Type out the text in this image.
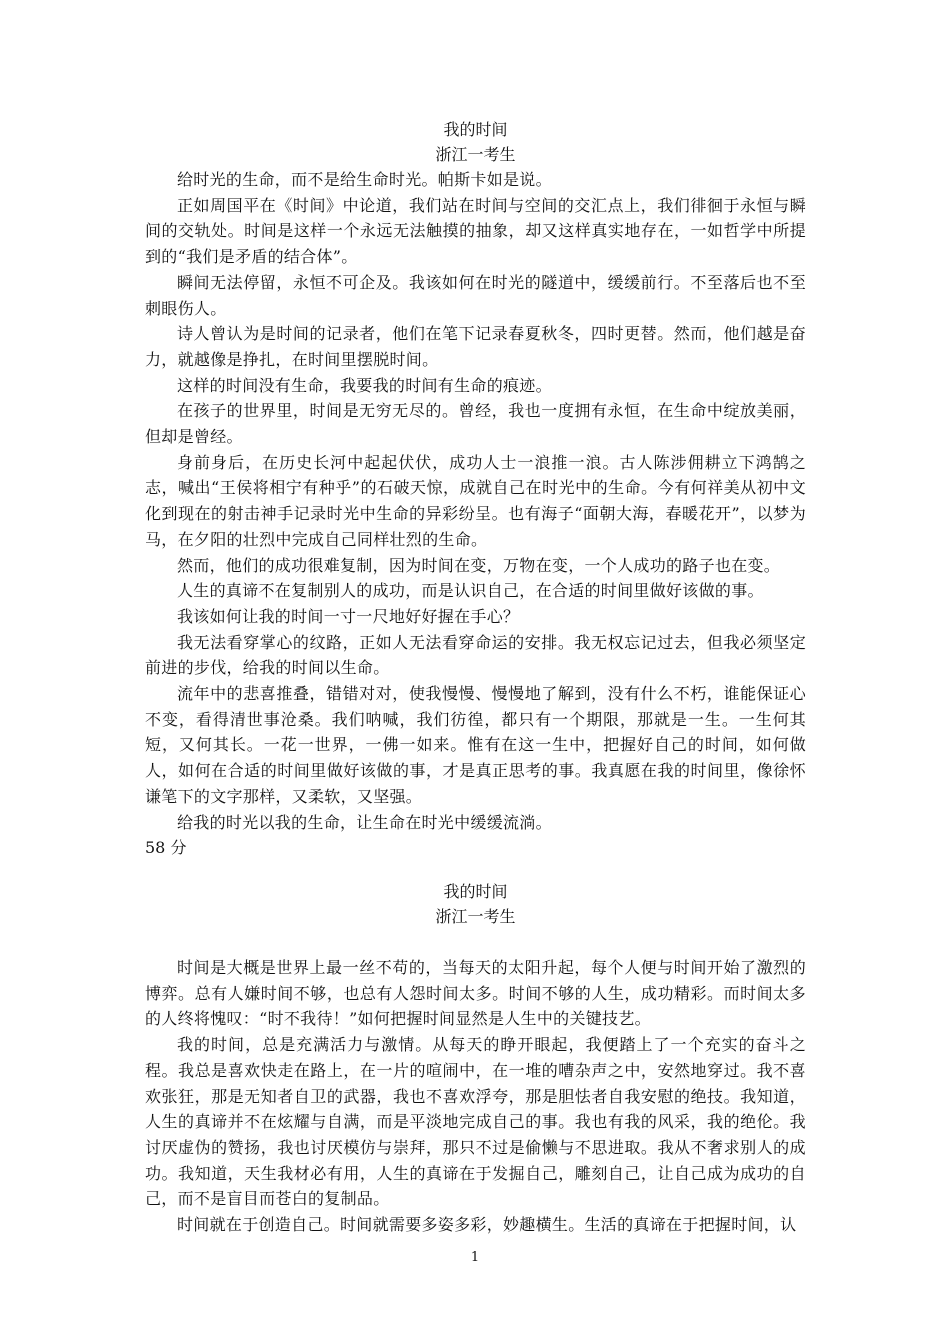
我的时间

浙江一考生

给时光的生命，而不是给生命时光。帕斯卡如是说。

正如周国平在《时间》中论道，我们站在时间与空间的交汇点上，我们徘徊于永恒与瞬间的交轨处。时间是这样一个永远无法触摸的抽象，却又这样真实地存在，一如哲学中所提到的“我们是矛盾的结合体”。

瞬间无法停留，永恒不可企及。我该如何在时光的隧道中，缓缓前行。不至落后也不至刺眼伤人。

诗人曾认为是时间的记录者，他们在笔下记录春夏秋冬，四时更替。然而，他们越是奋力，就越像是挣扎，在时间里摆脱时间。

这样的时间没有生命，我要我的时间有生命的痕迹。

在孩子的世界里，时间是无穷无尽的。曾经，我也一度拥有永恒，在生命中绽放美丽，但却是曾经。

身前身后，在历史长河中起起伏伏，成功人士一浪推一浪。古人陈涉佣耕立下鸿鹄之志，喊出“王侯将相宁有种乎”的石破天惊，成就自己在时光中的生命。今有何祥美从初中文化到现在的射击神手记录时光中生命的异彩纷呈。也有海子“面朝大海，春暖花开”，以梦为马，在夕阳的壮烈中完成自己同样壮烈的生命。

然而，他们的成功很难复制，因为时间在变，万物在变，一个人成功的路子也在变。

人生的真谛不在复制别人的成功，而是认识自己，在合适的时间里做好该做的事。

我该如何让我的时间一寸一尺地好好握在手心？

我无法看穿掌心的纹路，正如人无法看穿命运的安排。我无权忘记过去，但我必须坚定前进的步伐，给我的时间以生命。

流年中的悲喜推叠，错错对对，使我慢慢、慢慢地了解到，没有什么不朽，谁能保证心不变，看得清世事沧桑。我们呐喊，我们彷徨，都只有一个期限，那就是一生。一生何其短，又何其长。一花一世界，一佛一如来。惟有在这一生中，把握好自己的时间，如何做人，如何在合适的时间里做好该做的事，才是真正思考的事。我真愿在我的时间里，像徐怀谦笔下的文字那样，又柔软，又坚强。

给我的时光以我的生命，让生命在时光中缓缓流淌。

58 分

我的时间

浙江一考生

时间是大概是世界上最一丝不苟的，当每天的太阳升起，每个人便与时间开始了激烈的博弈。总有人嫌时间不够，也总有人怨时间太多。时间不够的人生，成功精彩。而时间太多的人终将愧叹：“时不我待！”如何把握时间显然是人生中的关键技艺。

我的时间，总是充满活力与激情。从每天的睁开眼起，我便踏上了一个充实的奋斗之程。我总是喜欢快走在路上，在一片的喧闹中，在一堆的嘈杂声之中，安然地穿过。我不喜欢张狂，那是无知者自卫的武器，我也不喜欢浮夸，那是胆怯者自我安慰的绝技。我知道，人生的真谛并不在炫耀与自满，而是平淡地完成自己的事。我也有我的风采，我的绝伦。我讨厌虚伪的赞扬，我也讨厌模仿与崇拜，那只不过是偷懒与不思进取。我从不奢求别人的成功。我知道，天生我材必有用，人生的真谛在于发掘自己，雕刻自己，让自己成为成功的自己，而不是盲目而苍白的复制品。

时间就在于创造自己。时间就需要多姿多彩，妙趣横生。生活的真谛在于把握时间，认

1
